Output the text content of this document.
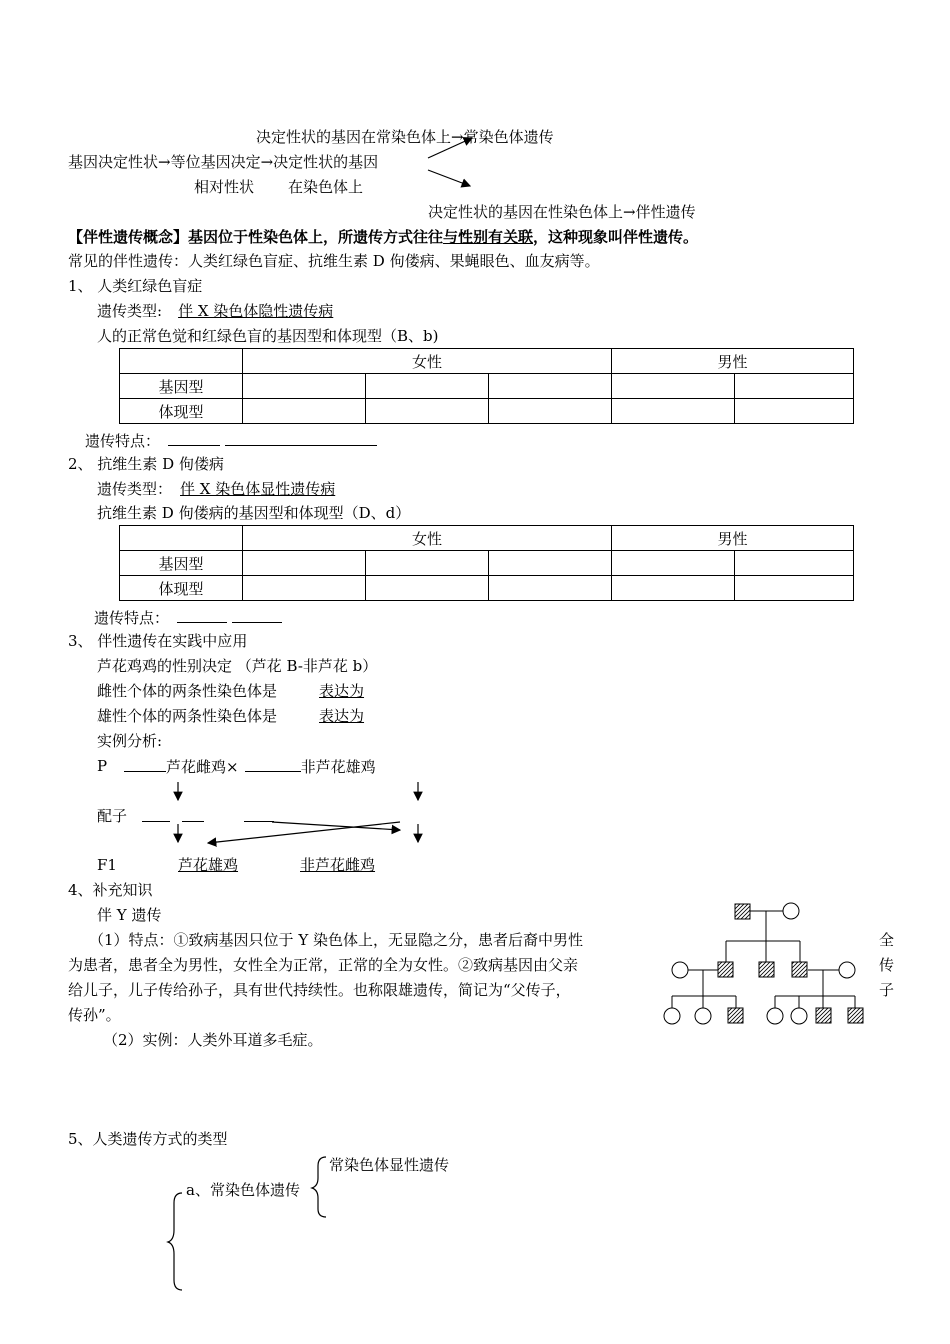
决定性状的基因在常染色体上→常染色体遗传
基因决定性状→等位基因决定→决定性状的基因
相对性状 在染色体上
决定性状的基因在性染色体上→伴性遗传
【伴性遗传概念】基因位于性染色体上，所遗传方式往往与性别有关联，这种现象叫伴性遗传。
常见的伴性遗传：人类红绿色盲症、抗维生素 D 佝偻病、果蝇眼色、血友病等。
1、 人类红绿色盲症
遗传类型: 伴 X 染色体隐性遗传病
人的正常色觉和红绿色盲的基因型和体现型（B、b)
	女性			男性	
基因型					
体现型					
遗传特点：
2、 抗维生素 D 佝偻病
遗传类型： 伴 X 染色体显性遗传病
抗维生素 D 佝偻病的基因型和体现型（D、d）
	女性			男性	
基因型					
体现型					
遗传特点：
3、 伴性遗传在实践中应用
芦花鸡鸡的性别决定 （芦花 B-非芦花 b）
雌性个体的两条性染色体是	表达为
雄性个体的两条性染色体是	表达为
实例分析:
P	芦花雌鸡×	非芦花雄鸡
配子
F1	芦花雄鸡	非芦花雌鸡
4、补充知识
伴 Y 遗传
（1）特点：①致病基因只位于 Y 染色体上，无显隐之分，患者后裔中男性
为患者，患者全为男性，女性全为正常，正常的全为女性。②致病基因由父亲
给儿子，儿子传给孙子，具有世代持续性。也称限雄遗传，简记为“父传子，
传孙”。
全
传
子
（2）实例：人类外耳道多毛症。
5、人类遗传方式的类型
a、常染色体遗传
常染色体显性遗传
